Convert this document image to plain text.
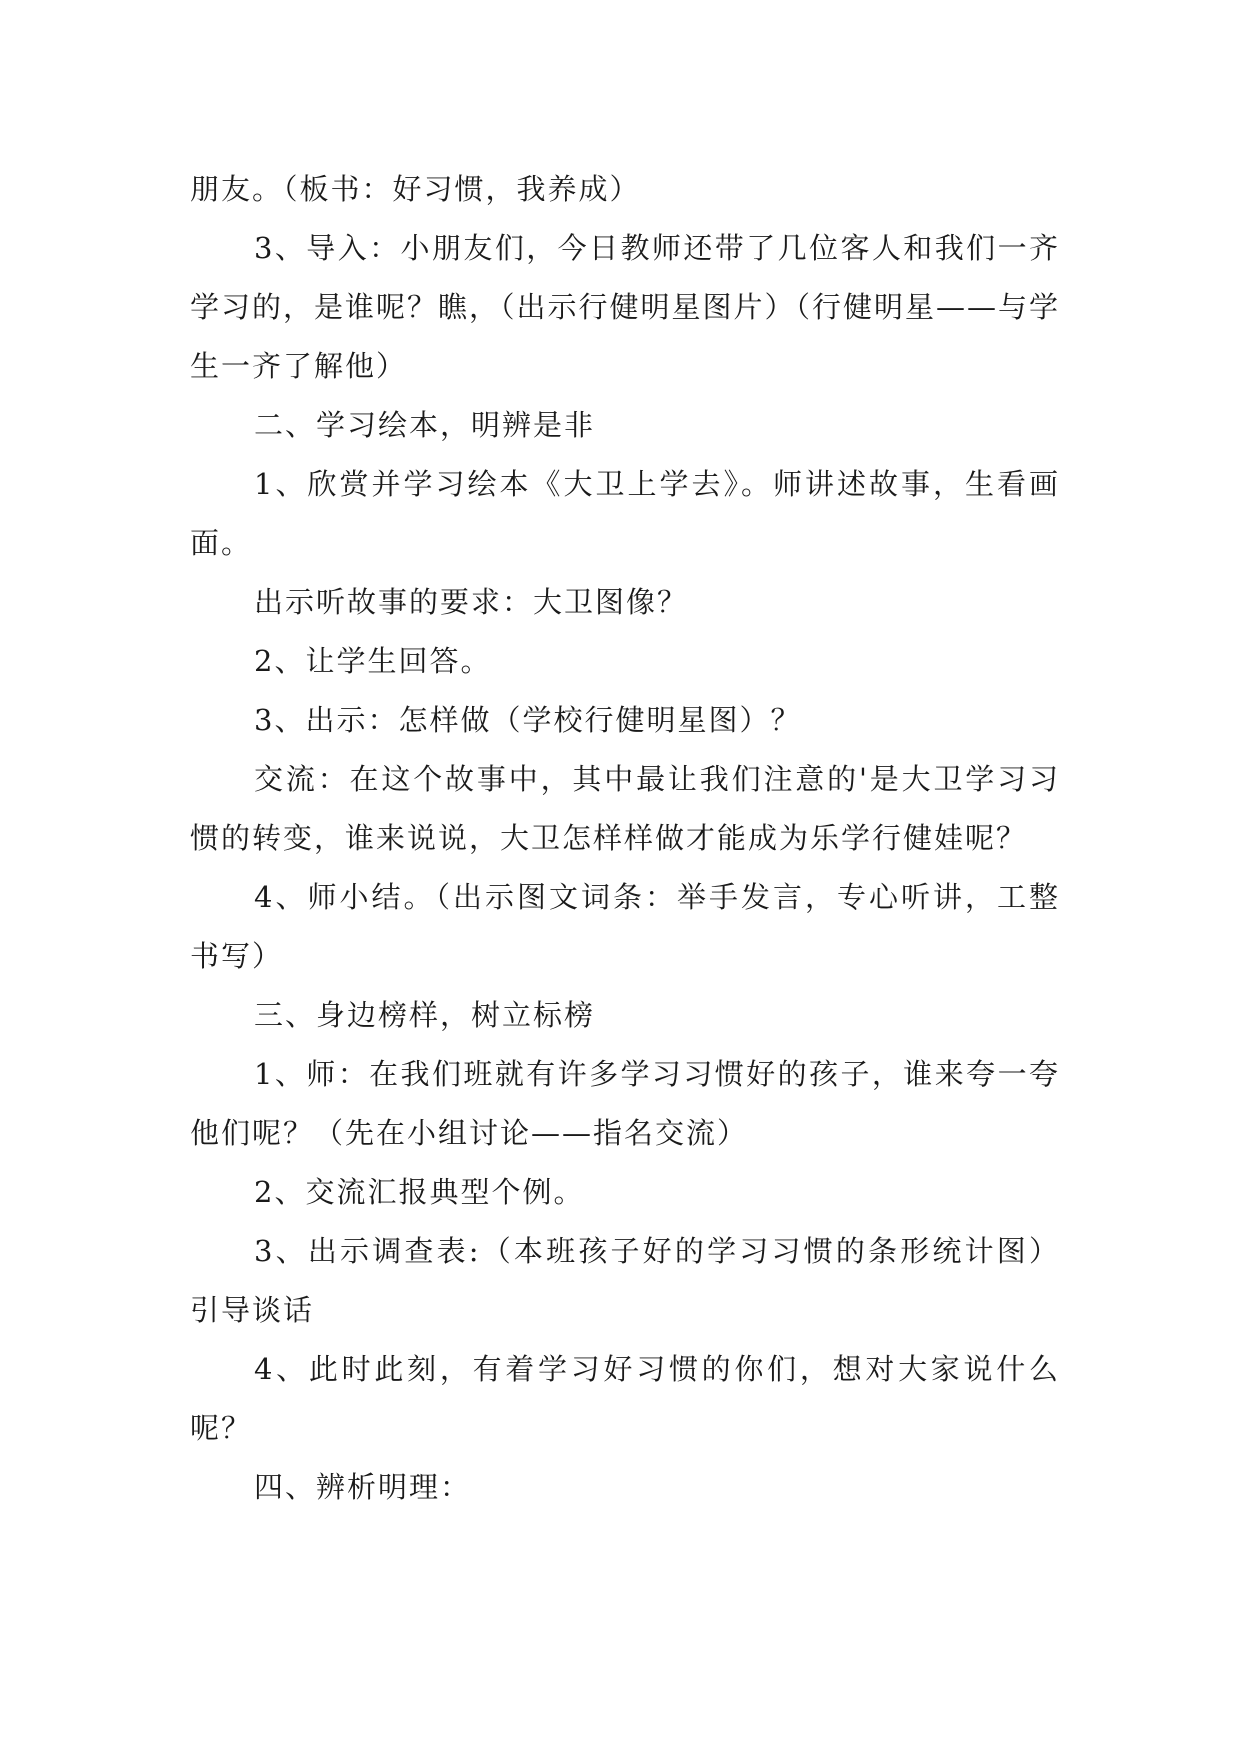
朋友。（板书：好习惯，我养成）

3、导入：小朋友们，今日教师还带了几位客人和我们一齐学习的，是谁呢？瞧，（出示行健明星图片）（行健明星——与学生一齐了解他）

二、学习绘本，明辨是非

1、欣赏并学习绘本《大卫上学去》。师讲述故事，生看画面。

出示听故事的要求：大卫图像？

2、让学生回答。

3、出示：怎样做（学校行健明星图）？

交流：在这个故事中，其中最让我们注意的'是大卫学习习惯的转变，谁来说说，大卫怎样样做才能成为乐学行健娃呢？

4、师小结。（出示图文词条：举手发言，专心听讲，工整书写）

三、身边榜样，树立标榜

1、师：在我们班就有许多学习习惯好的孩子，谁来夸一夸他们呢？（先在小组讨论——指名交流）

2、交流汇报典型个例。

3、出示调查表:（本班孩子好的学习习惯的条形统计图）引导谈话

4、此时此刻，有着学习好习惯的你们，想对大家说什么呢？

四、辨析明理：
